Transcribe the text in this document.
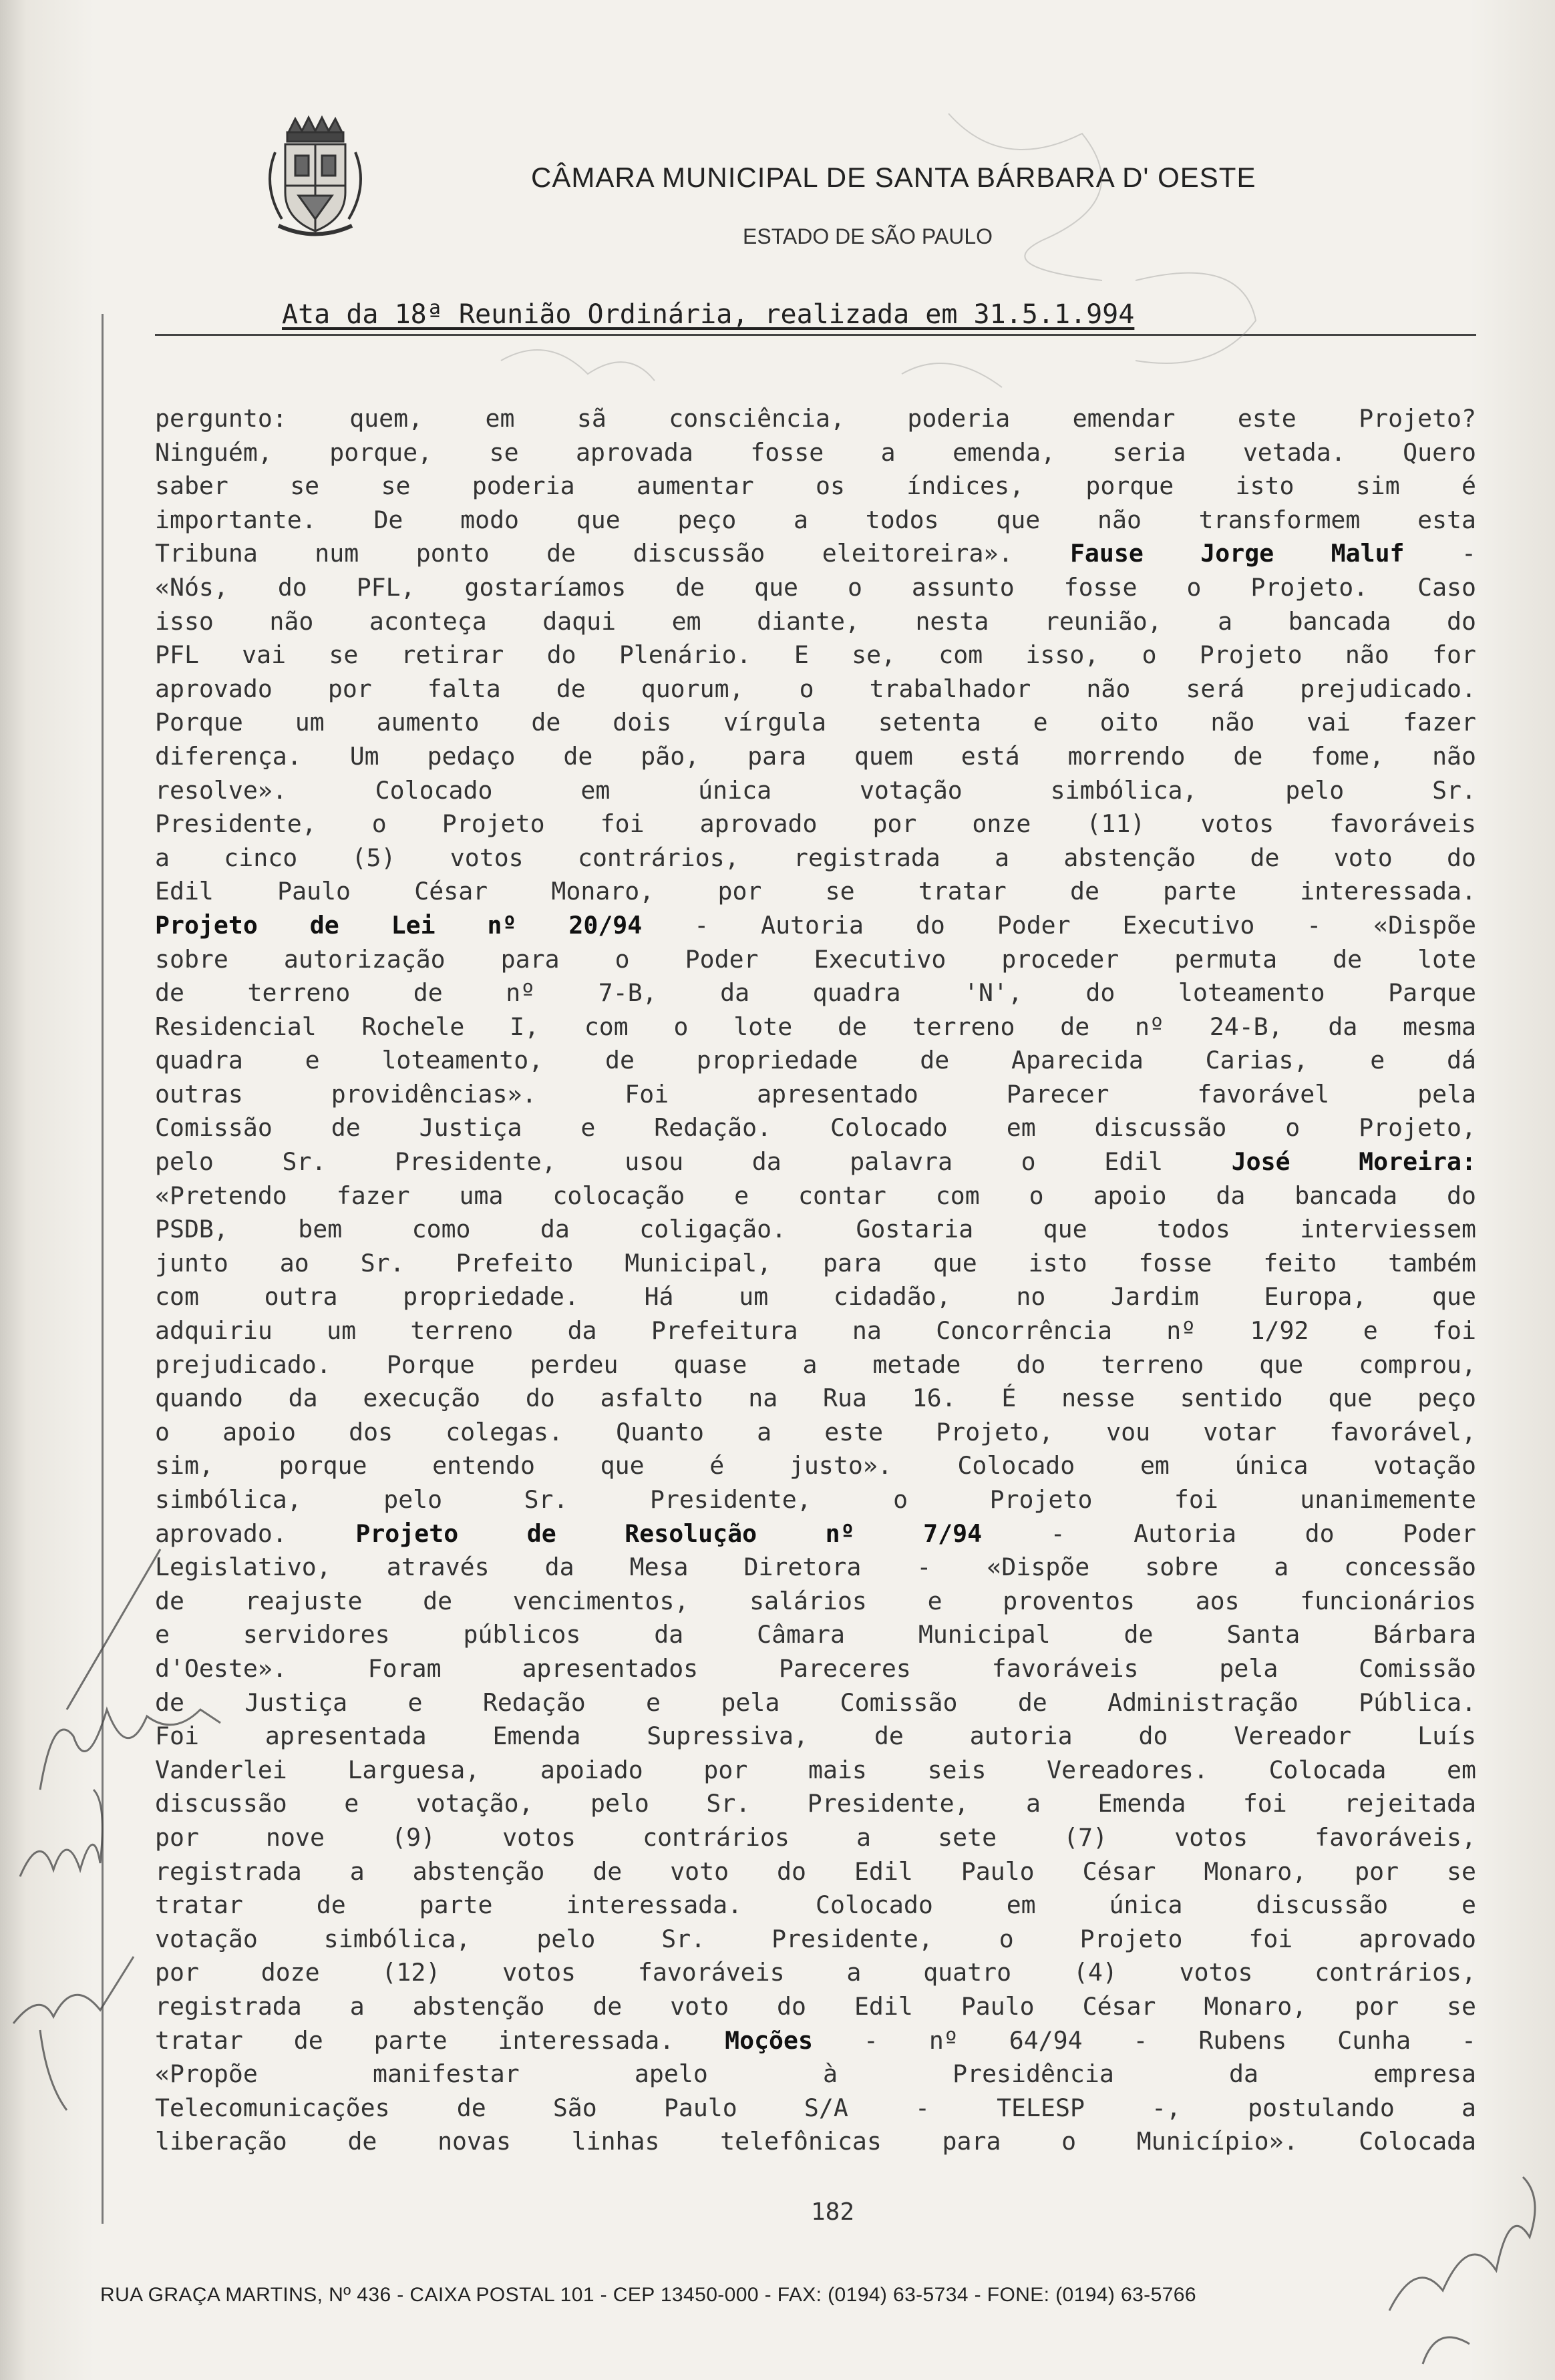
CÂMARA MUNICIPAL DE SANTA BÁRBARA D' OESTE
ESTADO DE SÃO PAULO
Ata da 18ª Reunião Ordinária, realizada em 31.5.1.994
pergunto: quem, em sã consciência, poderia emendar este Projeto?
Ninguém, porque, se aprovada fosse a emenda, seria vetada. Quero
saber se se poderia aumentar os índices, porque isto sim é
importante. De modo que peço a todos que não transformem esta
Tribuna num ponto de discussão eleitoreira». Fause Jorge Maluf -
«Nós, do PFL, gostaríamos de que o assunto fosse o Projeto. Caso
isso não aconteça daqui em diante, nesta reunião, a bancada do
PFL vai se retirar do Plenário. E se, com isso, o Projeto não for
aprovado por falta de quorum, o trabalhador não será prejudicado.
Porque um aumento de dois vírgula setenta e oito não vai fazer
diferença. Um pedaço de pão, para quem está morrendo de fome, não
resolve». Colocado em única votação simbólica, pelo Sr.
Presidente, o Projeto foi aprovado por onze (11) votos favoráveis
a cinco (5) votos contrários, registrada a abstenção de voto do
Edil Paulo César Monaro, por se tratar de parte interessada.
Projeto de Lei nº 20/94 - Autoria do Poder Executivo - «Dispõe
sobre autorização para o Poder Executivo proceder permuta de lote
de terreno de nº 7-B, da quadra 'N', do loteamento Parque
Residencial Rochele I, com o lote de terreno de nº 24-B, da mesma
quadra e loteamento, de propriedade de Aparecida Carias, e dá
outras providências». Foi apresentado Parecer favorável pela
Comissão de Justiça e Redação. Colocado em discussão o Projeto,
pelo Sr. Presidente, usou da palavra o Edil José Moreira:
«Pretendo fazer uma colocação e contar com o apoio da bancada do
PSDB, bem como da coligação. Gostaria que todos interviessem
junto ao Sr. Prefeito Municipal, para que isto fosse feito também
com outra propriedade. Há um cidadão, no Jardim Europa, que
adquiriu um terreno da Prefeitura na Concorrência nº 1/92 e foi
prejudicado. Porque perdeu quase a metade do terreno que comprou,
quando da execução do asfalto na Rua 16. É nesse sentido que peço
o apoio dos colegas. Quanto a este Projeto, vou votar favorável,
sim, porque entendo que é justo». Colocado em única votação
simbólica, pelo Sr. Presidente, o Projeto foi unanimemente
aprovado. Projeto de Resolução nº 7/94 - Autoria do Poder
Legislativo, através da Mesa Diretora - «Dispõe sobre a concessão
de reajuste de vencimentos, salários e proventos aos funcionários
e servidores públicos da Câmara Municipal de Santa Bárbara
d'Oeste». Foram apresentados Pareceres favoráveis pela Comissão
de Justiça e Redação e pela Comissão de Administração Pública.
Foi apresentada Emenda Supressiva, de autoria do Vereador Luís
Vanderlei Larguesa, apoiado por mais seis Vereadores. Colocada em
discussão e votação, pelo Sr. Presidente, a Emenda foi rejeitada
por nove (9) votos contrários a sete (7) votos favoráveis,
registrada a abstenção de voto do Edil Paulo César Monaro, por se
tratar de parte interessada. Colocado em única discussão e
votação simbólica, pelo Sr. Presidente, o Projeto foi aprovado
por doze (12) votos favoráveis a quatro (4) votos contrários,
registrada a abstenção de voto do Edil Paulo César Monaro, por se
tratar de parte interessada. Moções - nº 64/94 - Rubens Cunha -
«Propõe manifestar apelo à Presidência da empresa
Telecomunicações de São Paulo S/A - TELESP -, postulando a
liberação de novas linhas telefônicas para o Município». Colocada
182
RUA GRAÇA MARTINS, Nº 436 - CAIXA POSTAL 101 - CEP 13450-000 - FAX: (0194) 63-5734 - FONE: (0194) 63-5766
